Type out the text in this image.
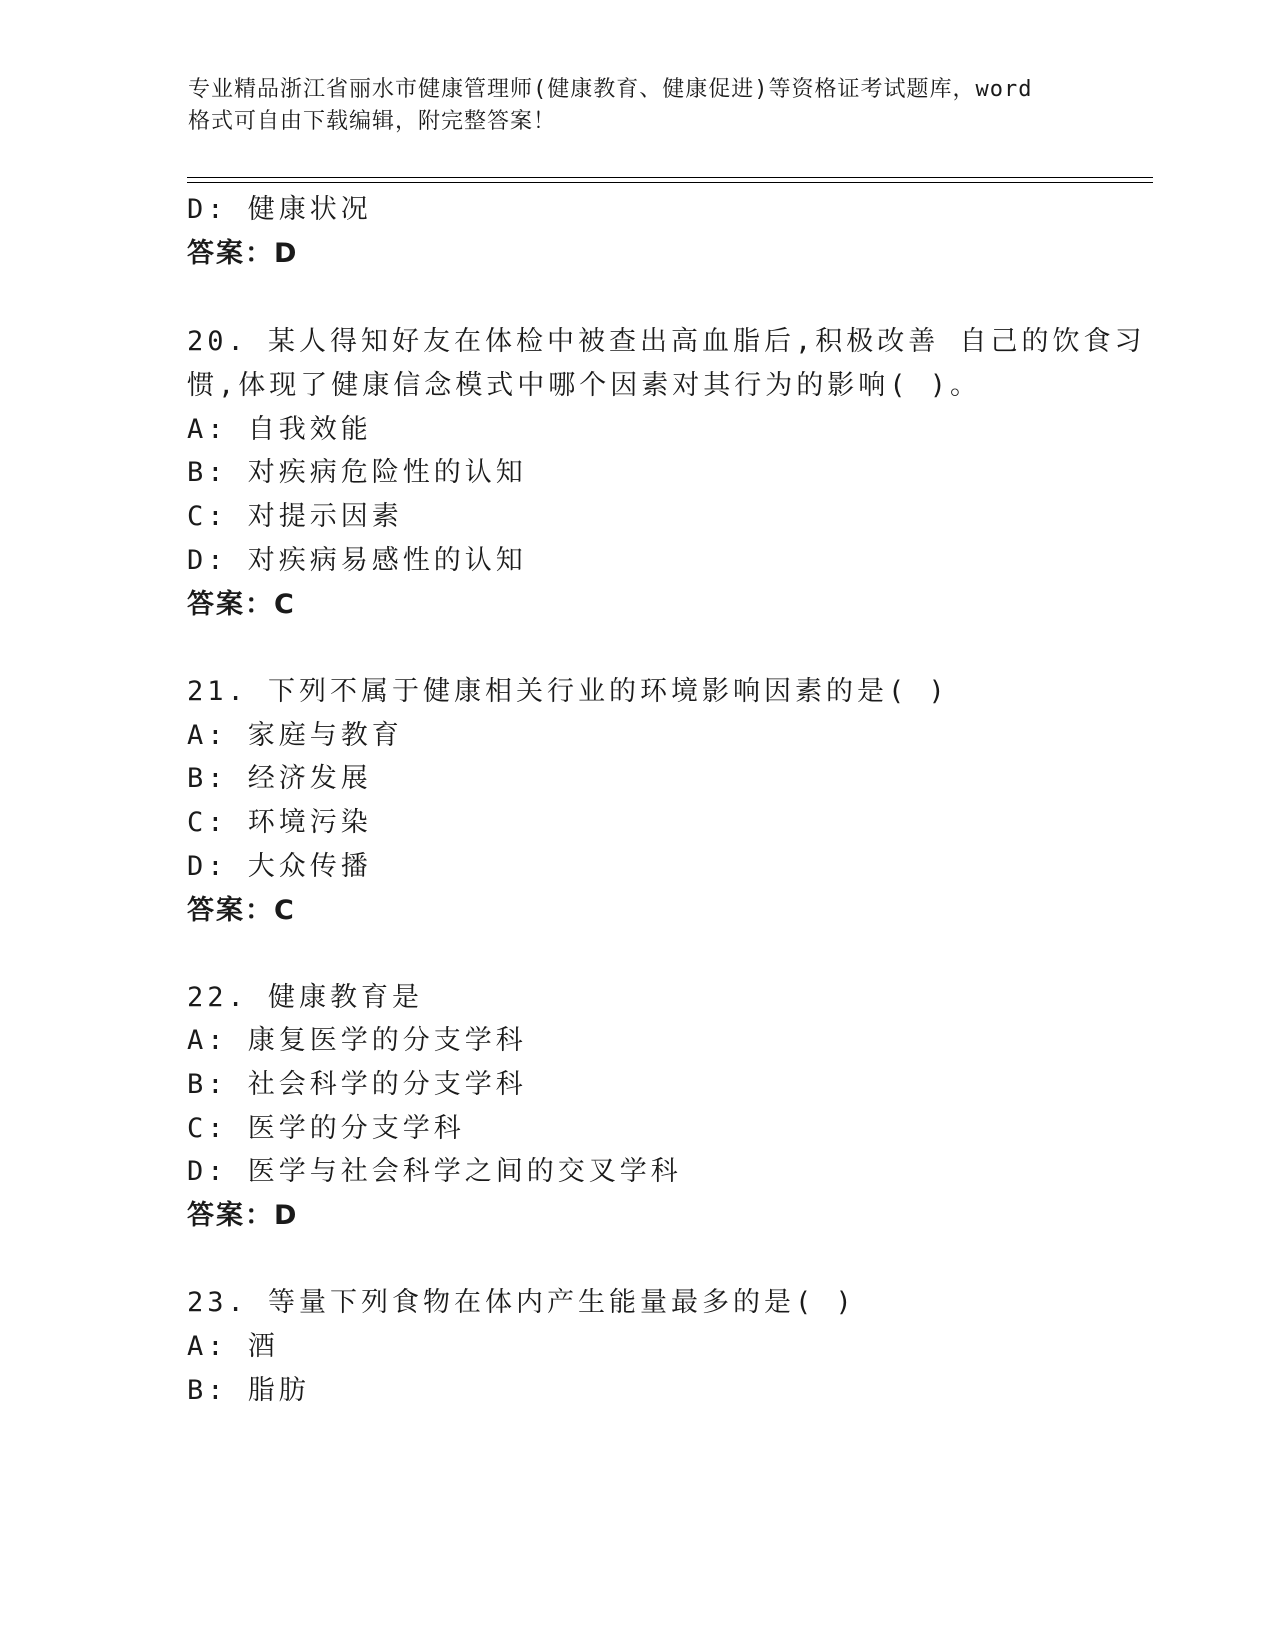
专业精品浙江省丽水市健康管理师(健康教育、健康促进)等资格证考试题库，word
格式可自由下载编辑，附完整答案！
D: 健康状况
答案：D
20. 某人得知好友在体检中被查出高血脂后,积极改善 自己的饮食习
惯,体现了健康信念模式中哪个因素对其行为的影响( )。
A: 自我效能
B: 对疾病危险性的认知
C: 对提示因素
D: 对疾病易感性的认知
答案：C
21. 下列不属于健康相关行业的环境影响因素的是( )
A: 家庭与教育
B: 经济发展
C: 环境污染
D: 大众传播
答案：C
22. 健康教育是
A: 康复医学的分支学科
B: 社会科学的分支学科
C: 医学的分支学科
D: 医学与社会科学之间的交叉学科
答案：D
23. 等量下列食物在体内产生能量最多的是( )
A: 酒
B: 脂肪
